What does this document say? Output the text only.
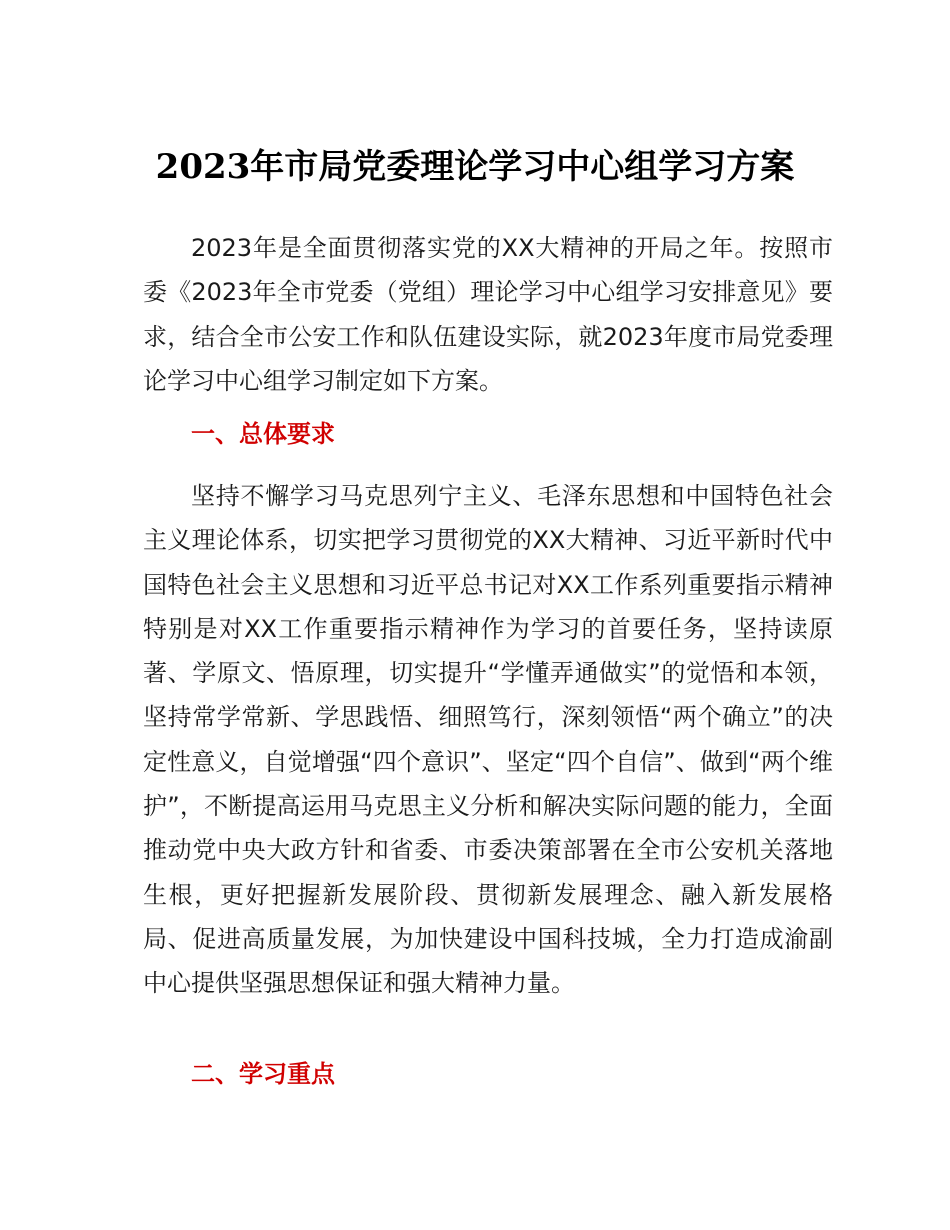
2023年市局党委理论学习中心组学习方案

2023年是全面贯彻落实党的XX大精神的开局之年。按照市委《2023年全市党委（党组）理论学习中心组学习安排意见》要求，结合全市公安工作和队伍建设实际，就2023年度市局党委理论学习中心组学习制定如下方案。

一、总体要求

坚持不懈学习马克思列宁主义、毛泽东思想和中国特色社会主义理论体系，切实把学习贯彻党的XX大精神、习近平新时代中国特色社会主义思想和习近平总书记对XX工作系列重要指示精神特别是对XX工作重要指示精神作为学习的首要任务，坚持读原著、学原文、悟原理，切实提升“学懂弄通做实”的觉悟和本领，坚持常学常新、学思践悟、细照笃行，深刻领悟“两个确立”的决定性意义，自觉增强“四个意识”、坚定“四个自信”、做到“两个维护”，不断提高运用马克思主义分析和解决实际问题的能力，全面推动党中央大政方针和省委、市委决策部署在全市公安机关落地生根，更好把握新发展阶段、贯彻新发展理念、融入新发展格局、促进高质量发展，为加快建设中国科技城，全力打造成渝副中心提供坚强思想保证和强大精神力量。

二、学习重点
